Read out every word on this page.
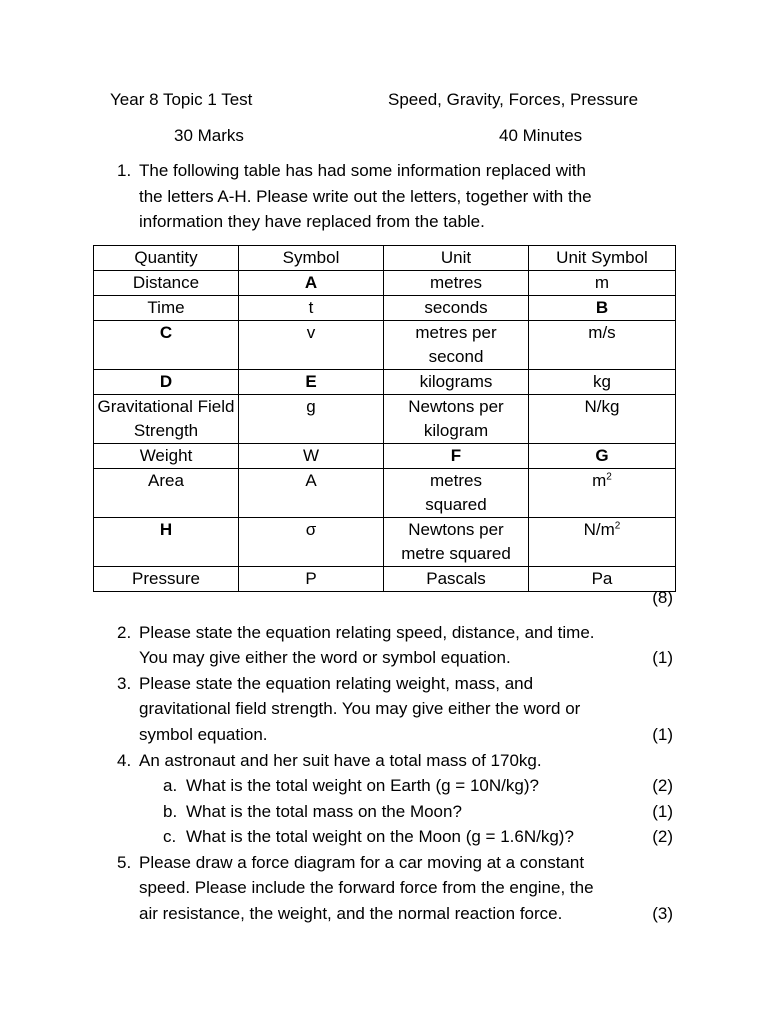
Year 8 Topic 1 Test	Speed, Gravity, Forces, Pressure
30 Marks	40 Minutes
1. The following table has had some information replaced with
the letters A-H. Please write out the letters, together with the
information they have replaced from the table.
Quantity	Symbol	Unit	Unit Symbol
Distance	A	metres	m
Time	t	seconds	B
C	v	metres per second	m/s
D	E	kilograms	kg
Gravitational Field Strength	g	Newtons per kilogram	N/kg
Weight	W	F	G
Area	A	metres squared	$m^2$
H	σ	Newtons per metre squared	$N/m^2$
Pressure	P	Pascals	Pa
(8)
2. Please state the equation relating speed, distance, and time.
You may give either the word or symbol equation.	(1)
3. Please state the equation relating weight, mass, and
gravitational field strength. You may give either the word or
symbol equation.	(1)
4. An astronaut and her suit have a total mass of 170kg.
a. What is the total weight on Earth (g = 10N/kg)?	(2)
b. What is the total mass on the Moon?	(1)
c. What is the total weight on the Moon (g = 1.6N/kg)?	(2)
5. Please draw a force diagram for a car moving at a constant
speed. Please include the forward force from the engine, the
air resistance, the weight, and the normal reaction force.	(3)
